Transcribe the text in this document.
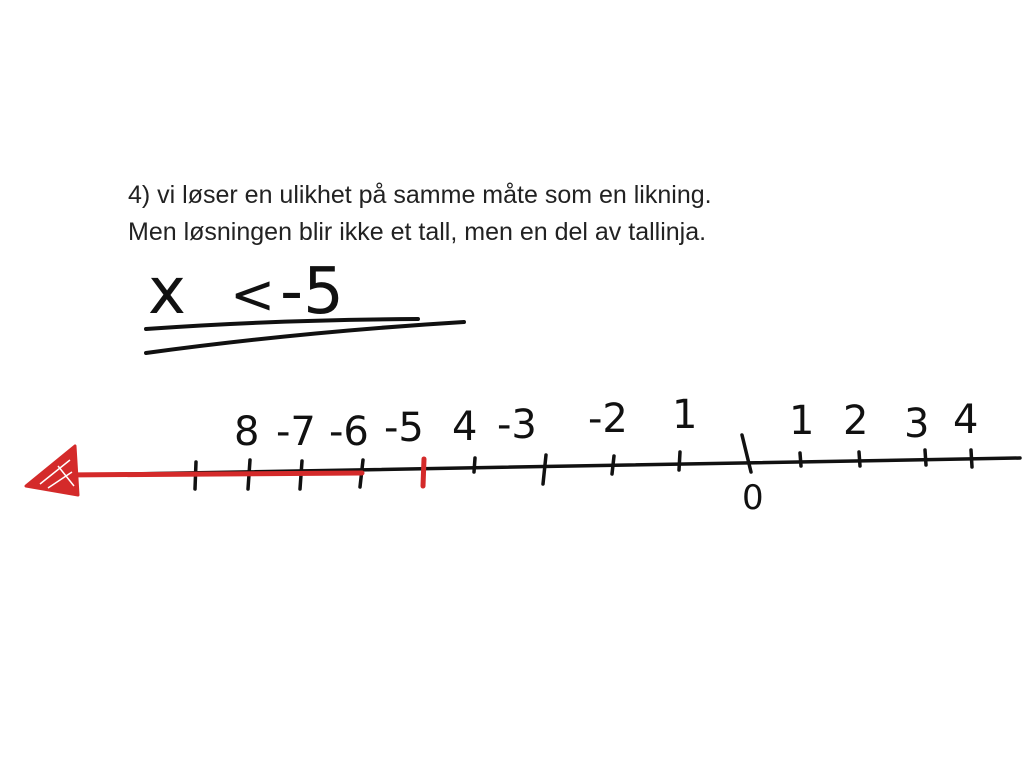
4) vi løser en ulikhet på samme måte som en likning.
Men løsningen blir ikke et tall, men en del av tallinja.
x < -5
8 -7 -6 -5 4 -3 -2 1 1 2 3 4
0
